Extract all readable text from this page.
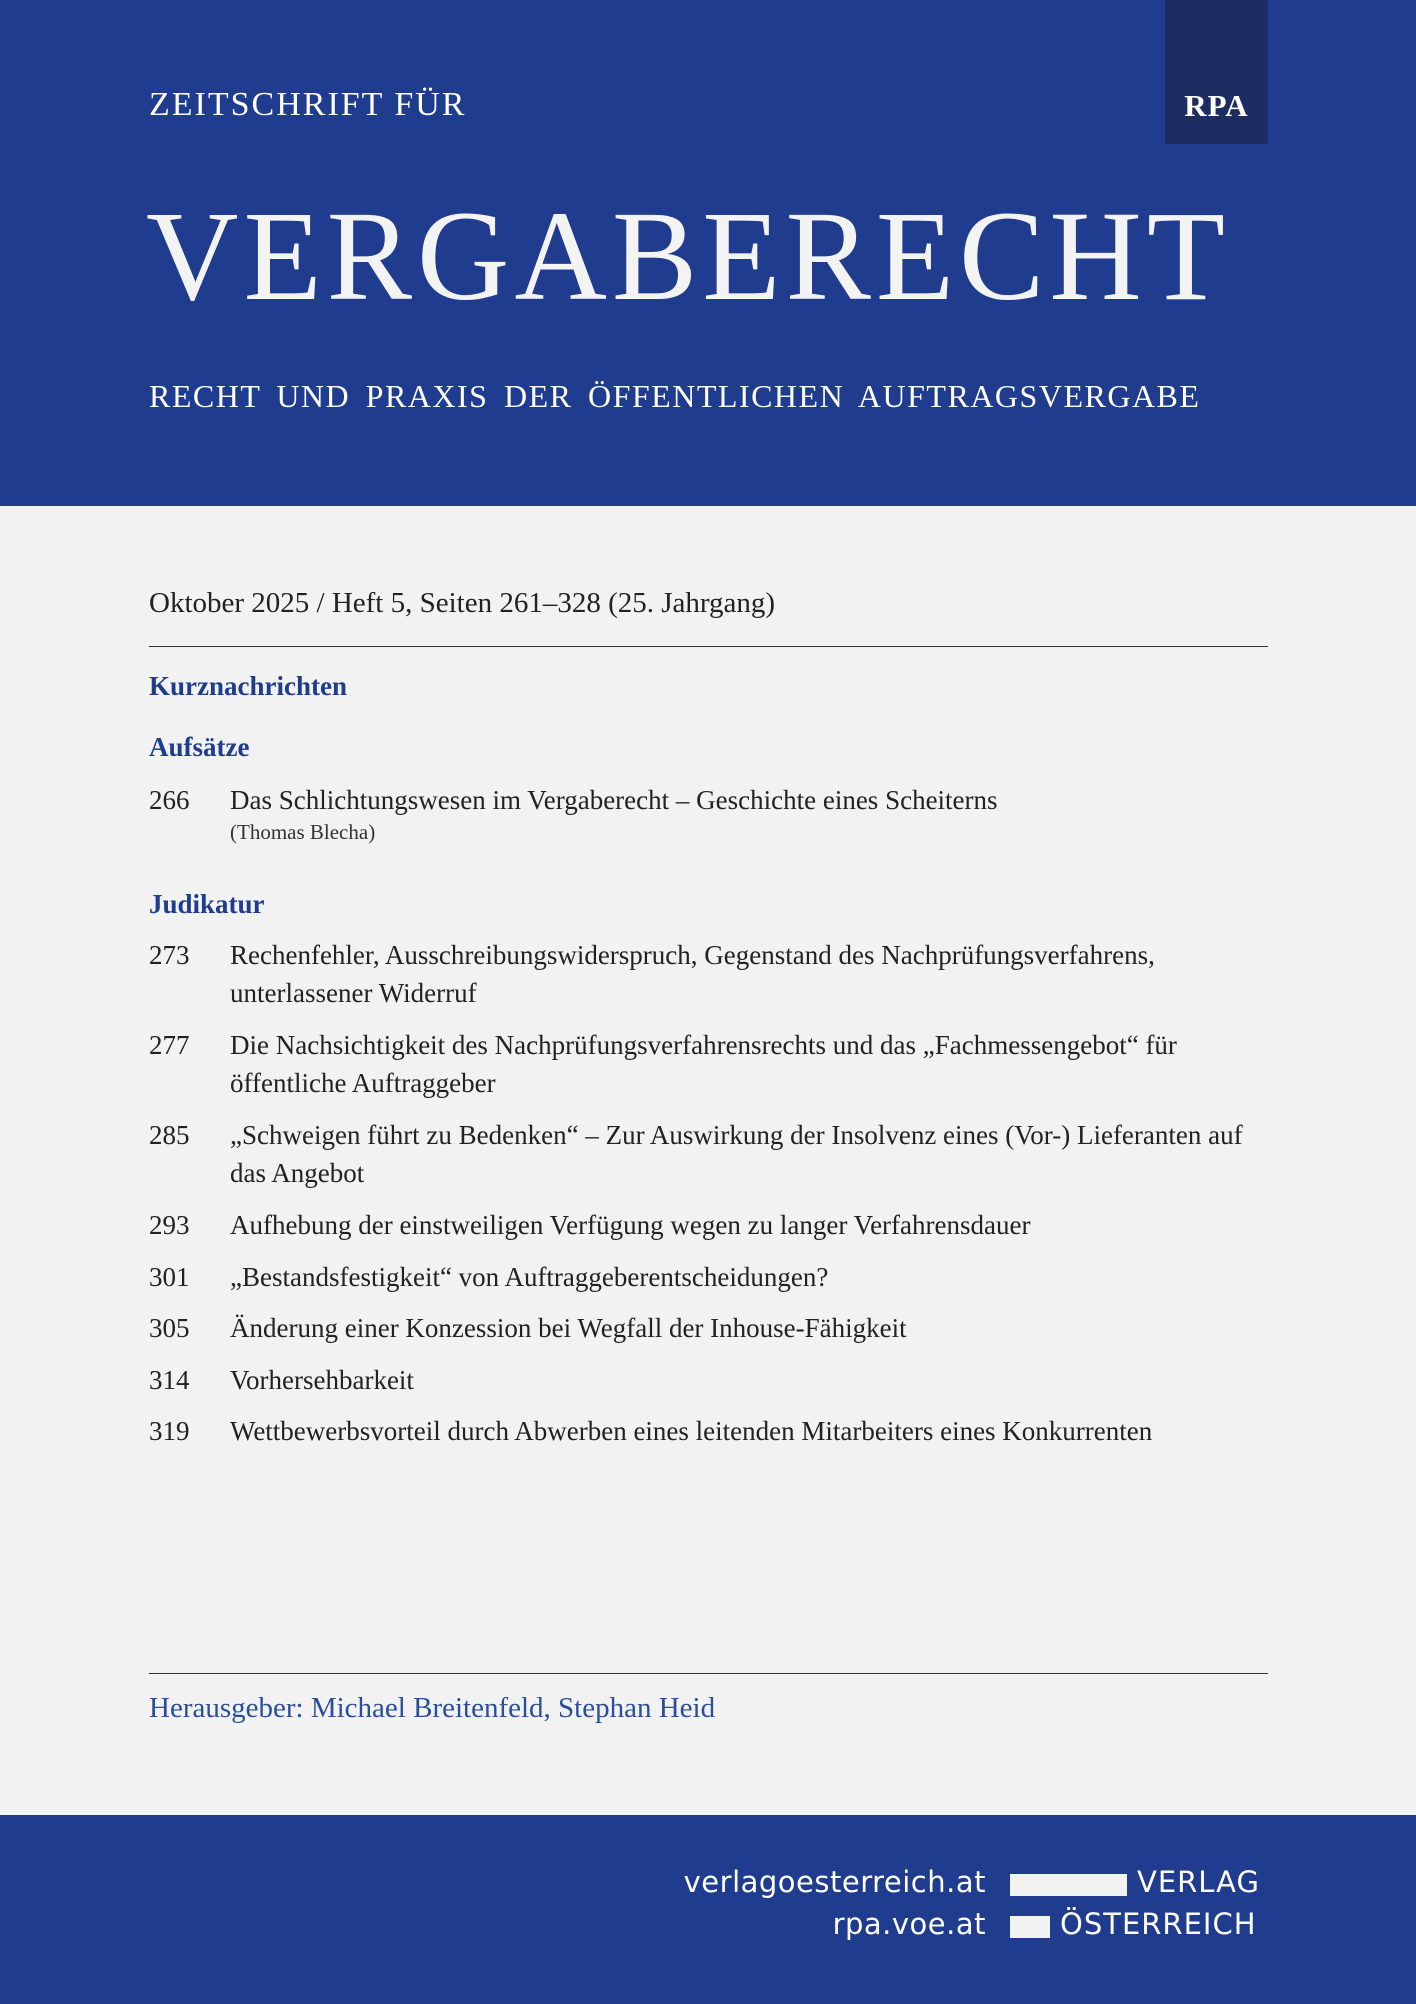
ZEITSCHRIFT FÜR	RPA
VERGABERECHT
RECHT UND PRAXIS DER ÖFFENTLICHEN AUFTRAGSVERGABE
Oktober 2025 / Heft 5, Seiten 261–328 (25. Jahrgang)
Kurznachrichten
Aufsätze
266	Das Schlichtungswesen im Vergaberecht – Geschichte eines Scheiterns
(Thomas Blecha)
Judikatur
273	Rechenfehler, Ausschreibungswiderspruch, Gegenstand des Nachprüfungsverfahrens, unterlassener Widerruf
277	Die Nachsichtigkeit des Nachprüfungsverfahrensrechts und das „Fachmessengebot“ für öffentliche Auftraggeber
285	„Schweigen führt zu Bedenken“ – Zur Auswirkung der Insolvenz eines (Vor-) Lieferanten auf das Angebot
293	Aufhebung der einstweiligen Verfügung wegen zu langer Verfahrensdauer
301	„Bestandsfestigkeit“ von Auftraggeberentscheidungen?
305	Änderung einer Konzession bei Wegfall der Inhouse-Fähigkeit
314	Vorhersehbarkeit
319	Wettbewerbsvorteil durch Abwerben eines leitenden Mitarbeiters eines Konkurrenten
Herausgeber: Michael Breitenfeld, Stephan Heid
verlagoesterreich.at
rpa.voe.at
VERLAG
ÖSTERREICH
